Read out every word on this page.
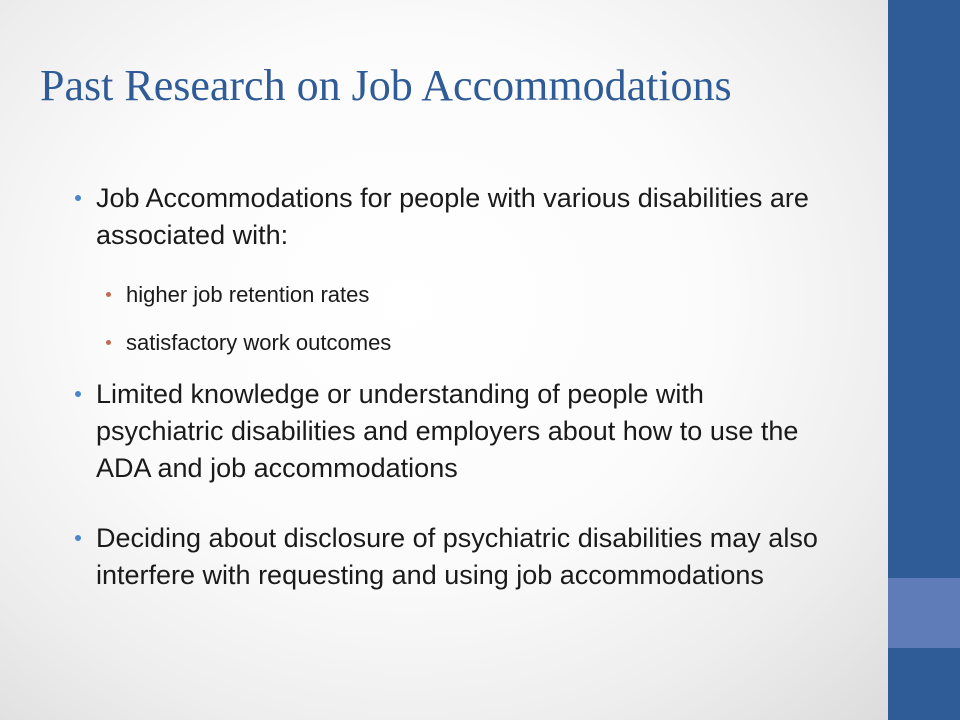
Past Research on Job Accommodations
Job Accommodations for people with various disabilities are associated with:
higher job retention rates
satisfactory work outcomes
Limited knowledge or understanding of people with psychiatric disabilities and employers about how to use the ADA and job accommodations
Deciding about disclosure of psychiatric disabilities may also interfere with requesting and using job accommodations
